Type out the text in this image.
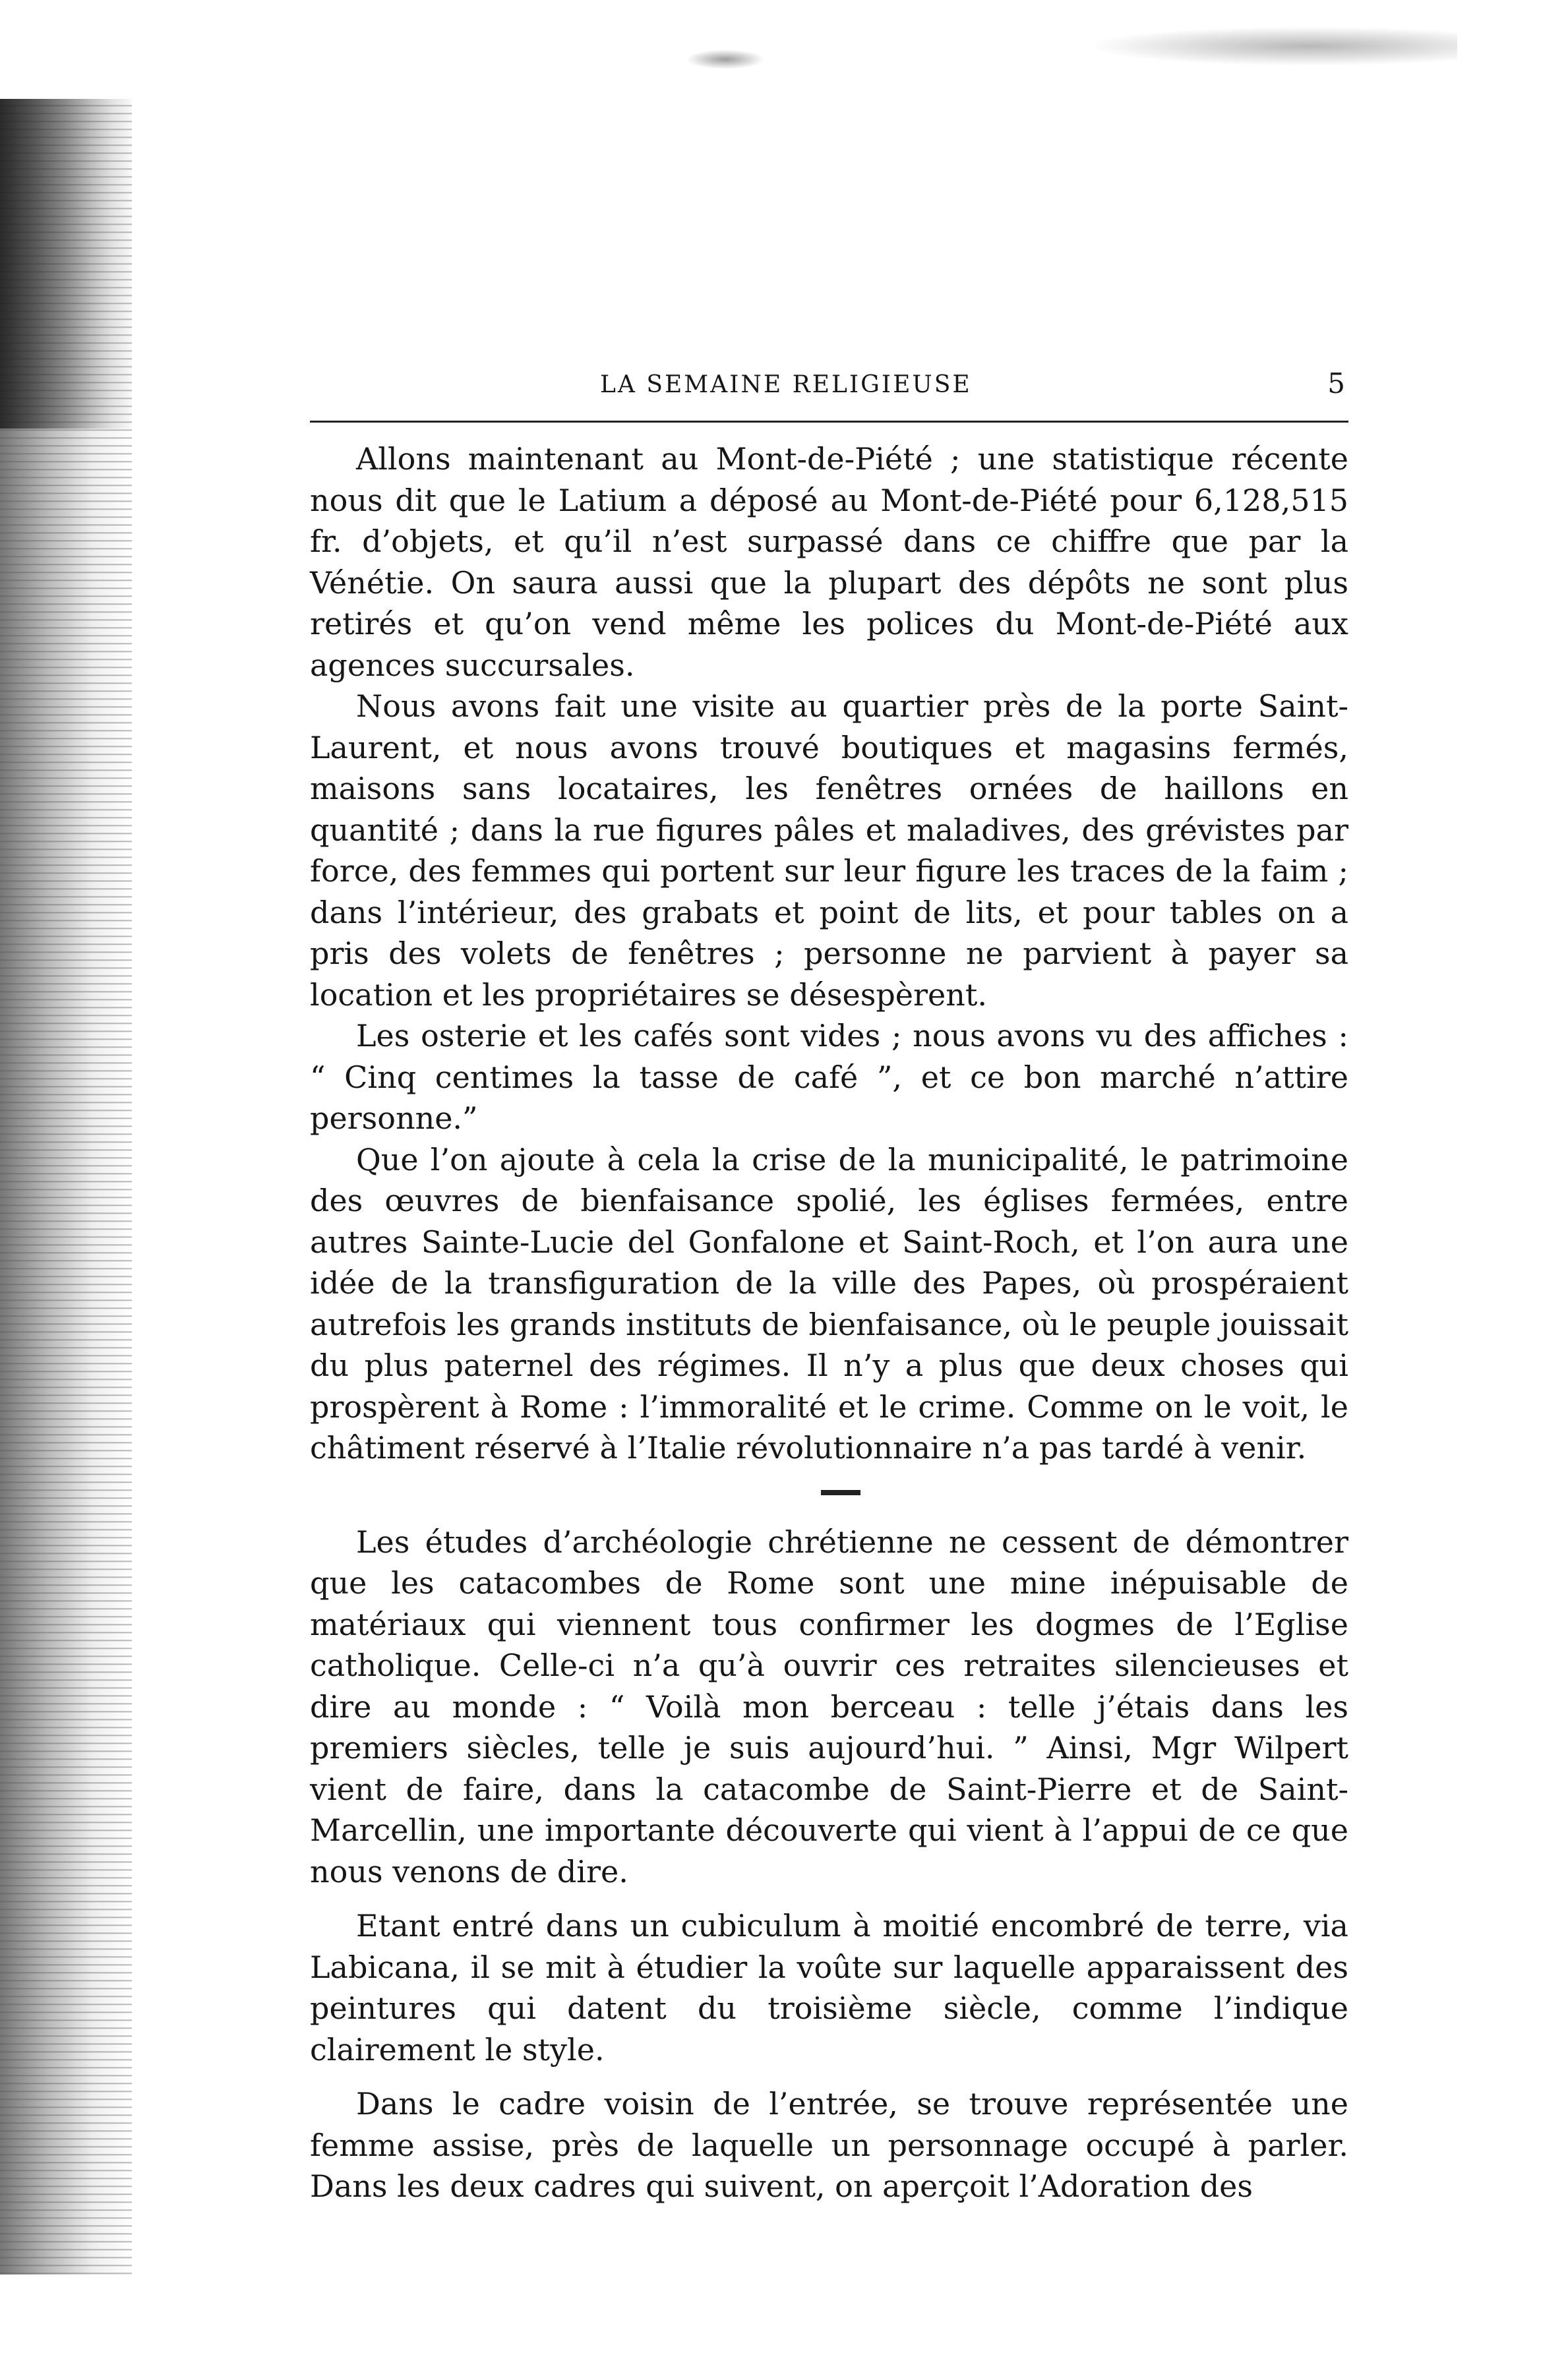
LA SEMAINE RELIGIEUSE	5

Allons maintenant au Mont-de-Piété ; une statistique récente nous dit que le Latium a déposé au Mont-de-Piété pour 6,128,515 fr. d’objets, et qu’il n’est surpassé dans ce chiffre que par la Vénétie. On saura aussi que la plupart des dépôts ne sont plus retirés et qu’on vend même les polices du Mont-de-Piété aux agences succursales.

Nous avons fait une visite au quartier près de la porte Saint-Laurent, et nous avons trouvé boutiques et magasins fermés, maisons sans locataires, les fenêtres ornées de haillons en quantité ; dans la rue figures pâles et maladives, des grévistes par force, des femmes qui portent sur leur figure les traces de la faim ; dans l’intérieur, des grabats et point de lits, et pour tables on a pris des volets de fenêtres ; personne ne parvient à payer sa location et les propriétaires se désespèrent.

Les osterie et les cafés sont vides ; nous avons vu des affiches : “ Cinq centimes la tasse de café ”, et ce bon marché n’attire personne.”

Que l’on ajoute à cela la crise de la municipalité, le patrimoine des œuvres de bienfaisance spolié, les églises fermées, entre autres Sainte-Lucie del Gonfalone et Saint-Roch, et l’on aura une idée de la transfiguration de la ville des Papes, où prospéraient autrefois les grands instituts de bienfaisance, où le peuple jouissait du plus paternel des régimes. Il n’y a plus que deux choses qui prospèrent à Rome : l’immoralité et le crime. Comme on le voit, le châtiment réservé à l’Italie révolutionnaire n’a pas tardé à venir.

Les études d’archéologie chrétienne ne cessent de démontrer que les catacombes de Rome sont une mine inépuisable de matériaux qui viennent tous confirmer les dogmes de l’Eglise catholique. Celle-ci n’a qu’à ouvrir ces retraites silencieuses et dire au monde : “ Voilà mon berceau : telle j’étais dans les premiers siècles, telle je suis aujourd’hui. ” Ainsi, Mgr Wilpert vient de faire, dans la catacombe de Saint-Pierre et de Saint-Marcellin, une importante découverte qui vient à l’appui de ce que nous venons de dire.

Etant entré dans un cubiculum à moitié encombré de terre, via Labicana, il se mit à étudier la voûte sur laquelle apparaissent des peintures qui datent du troisième siècle, comme l’indique clairement le style.

Dans le cadre voisin de l’entrée, se trouve représentée une femme assise, près de laquelle un personnage occupé à parler. Dans les deux cadres qui suivent, on aperçoit l’Adoration des
